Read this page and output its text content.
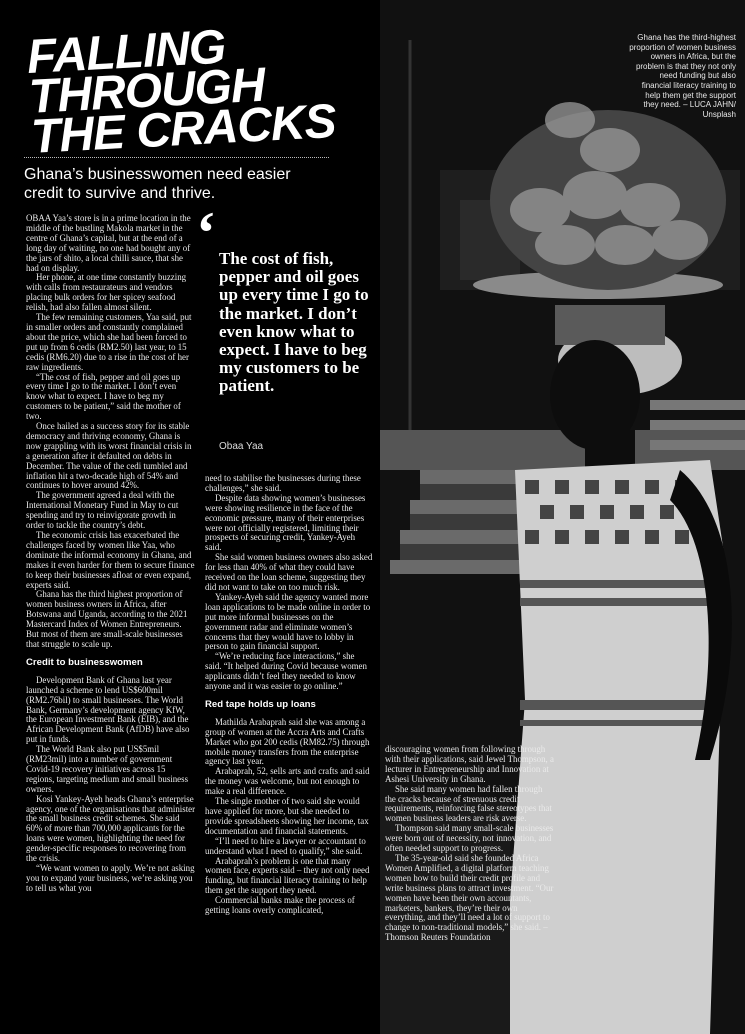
FALLING
THROUGH
THE CRACKS

Ghana’s businesswomen need easier credit to survive and thrive.

Ghana has the third-highest proportion of women business owners in Africa, but the problem is that they not only need funding but also financial literacy training to help them get the support they need. – LUCA JAHN/ Unsplash

OBAA Yaa’s store is in a prime location in the middle of the bustling Makola market in the centre of Ghana’s capital, but at the end of a long day of waiting, no one had bought any of the jars of shito, a local chilli sauce, that she had on display.

Her phone, at one time constantly buzzing with calls from restaurateurs and vendors placing bulk orders for her spicey seafood relish, had also fallen almost silent.

The few remaining customers, Yaa said, put in smaller orders and constantly complained about the price, which she had been forced to put up from 6 cedis (RM2.50) last year, to 15 cedis (RM6.20) due to a rise in the cost of her raw ingredients.

“The cost of fish, pepper and oil goes up every time I go to the market. I don’t even know what to expect. I have to beg my customers to be patient,” said the mother of two.

Once hailed as a success story for its stable democracy and thriving economy, Ghana is now grappling with its worst financial crisis in a generation after it defaulted on debts in December. The value of the cedi tumbled and inflation hit a two-decade high of 54% and continues to hover around 42%.

The government agreed a deal with the International Monetary Fund in May to cut spending and try to reinvigorate growth in order to tackle the country’s debt.

The economic crisis has exacerbated the challenges faced by women like Yaa, who dominate the informal economy in Ghana, and makes it even harder for them to secure finance to keep their businesses afloat or even expand, experts said.

Ghana has the third highest proportion of women business owners in Africa, after Botswana and Uganda, according to the 2021 Mastercard Index of Women Entrepreneurs. But most of them are small-scale businesses that struggle to scale up.

Credit to businesswomen

Development Bank of Ghana last year launched a scheme to lend US$600mil (RM2.76bil) to small businesses. The World Bank, Germany’s development agency KfW, the European Investment Bank (EIB), and the African Development Bank (AfDB) have also put in funds.

The World Bank also put US$5mil (RM23mil) into a number of government Covid-19 recovery initiatives across 15 regions, targeting medium and small business owners.

Kosi Yankey-Ayeh heads Ghana’s enterprise agency, one of the organisations that administer the small business credit schemes. She said 60% of more than 700,000 applicants for the loans were women, highlighting the need for gender-specific responses to recovering from the crisis.

“We want women to apply. We’re not asking you to expand your business, we’re asking you to tell us what you

‘ The cost of fish, pepper and oil goes up every time I go to the market. I don’t even know what to expect. I have to beg my customers to be patient.

Obaa Yaa

need to stabilise the businesses during these challenges,” she said.

Despite data showing women’s businesses were showing resilience in the face of the economic pressure, many of their enterprises were not officially registered, limiting their prospects of securing credit, Yankey-Ayeh said.

She said women business owners also asked for less than 40% of what they could have received on the loan scheme, suggesting they did not want to take on too much risk.

Yankey-Ayeh said the agency wanted more loan applications to be made online in order to put more informal businesses on the government radar and eliminate women’s concerns that they would have to lobby in person to gain financial support.

“We’re reducing face interactions,” she said. “It helped during Covid because women applicants didn’t feel they needed to know anyone and it was easier to go online.”

Red tape holds up loans

Mathilda Arabaprah said she was among a group of women at the Accra Arts and Crafts Market who got 200 cedis (RM82.75) through mobile money transfers from the enterprise agency last year.

Arabaprah, 52, sells arts and crafts and said the money was welcome, but not enough to make a real difference.

The single mother of two said she would have applied for more, but she needed to provide spreadsheets showing her income, tax documentation and financial statements.

“I’ll need to hire a lawyer or accountant to understand what I need to qualify,” she said.

Arabaprah’s problem is one that many women face, experts said – they not only need funding, but financial literacy training to help them get the support they need.

Commercial banks make the process of getting loans overly complicated,

discouraging women from following through with their applications, said Jewel Thompson, a lecturer in Entrepreneurship and Innovation at Ashesi University in Ghana.

She said many women had fallen through the cracks because of strenuous credit requirements, reinforcing false stereotypes that women business leaders are risk averse.

Thompson said many small-scale businesses were born out of necessity, not innovation, and often needed support to progress.

The 35-year-old said she founded Africa Women Amplified, a digital platform teaching women how to build their credit profile and write business plans to attract investment. “Our women have been their own accountants, marketers, bankers, they’re their own everything, and they’ll need a lot of support to change to non-traditional models,” she said. – Thomson Reuters Foundation
